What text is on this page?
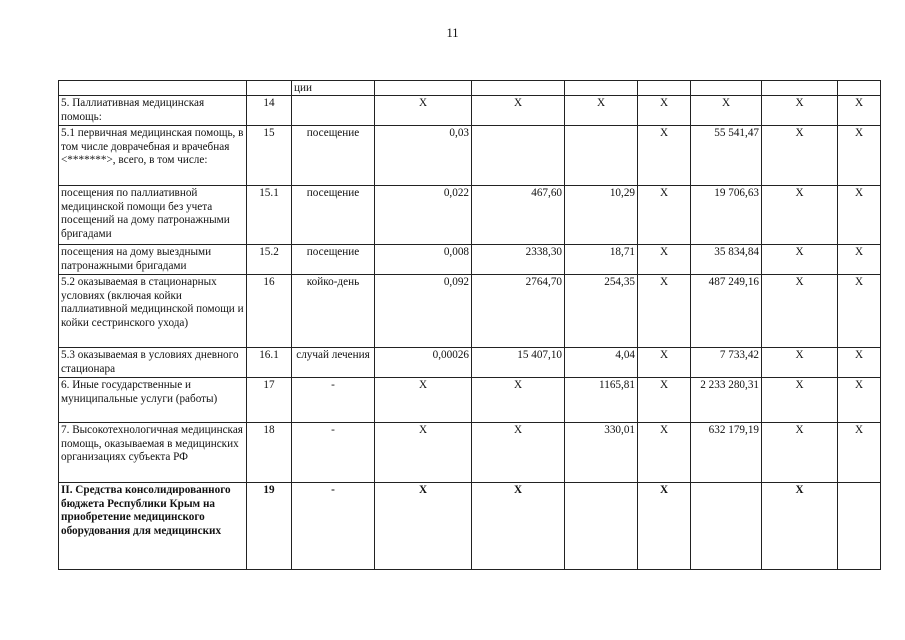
11
		ции							
5. Паллиативная медицинская помощь:	14		X	X	X	X	X	X	X
5.1 первичная медицинская помощь, в том числе доврачебная и врачебная <*******>, всего, в том числе:	15	посещение	0,03			X	55 541,47	X	X
посещения по паллиативной медицинской помощи без учета посещений на дому патронажными бригадами	15.1	посещение	0,022	467,60	10,29	X	19 706,63	X	X
посещения на дому выездными патронажными бригадами	15.2	посещение	0,008	2338,30	18,71	X	35 834,84	X	X
5.2 оказываемая в стационарных условиях (включая койки паллиативной медицинской помощи и койки сестринского ухода)	16	койко-день	0,092	2764,70	254,35	X	487 249,16	X	X
5.3 оказываемая в условиях дневного стационара	16.1	случай лечения	0,00026	15 407,10	4,04	X	7 733,42	X	X
6. Иные государственные и муниципальные услуги (работы)	17	-	X	X	1165,81	X	2 233 280,31	X	X
7. Высокотехнологичная медицинская помощь, оказываемая в медицинских организациях субъекта РФ	18	-	X	X	330,01	X	632 179,19	X	X
II. Средства консолидированного бюджета Республики Крым на приобретение медицинского оборудования для медицинских	19	-	X	X		X		X	
